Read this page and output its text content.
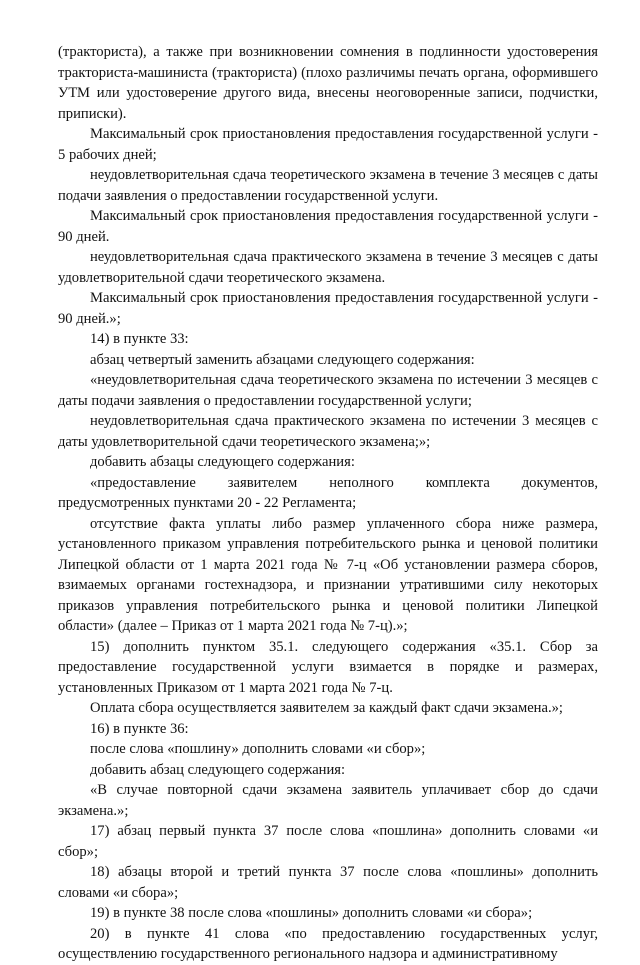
(тракториста), а также при возникновении сомнения в подлинности удостоверения тракториста-машиниста (тракториста) (плохо различимы печать органа, оформившего УТМ или удостоверение другого вида, внесены неоговоренные записи, подчистки, приписки).

Максимальный срок приостановления предоставления государственной услуги - 5 рабочих дней;

неудовлетворительная сдача теоретического экзамена в течение 3 месяцев с даты подачи заявления о предоставлении государственной услуги.

Максимальный срок приостановления предоставления государственной услуги - 90 дней.

неудовлетворительная сдача практического экзамена в течение 3 месяцев с даты удовлетворительной сдачи теоретического экзамена.

Максимальный срок приостановления предоставления государственной услуги - 90 дней.»;

14) в пункте 33:

абзац четвертый заменить абзацами следующего содержания:

«неудовлетворительная сдача теоретического экзамена по истечении 3 месяцев с даты подачи заявления о предоставлении государственной услуги;

неудовлетворительная сдача практического экзамена по истечении 3 месяцев с даты удовлетворительной сдачи теоретического экзамена;»;

добавить абзацы следующего содержания:

«предоставление заявителем неполного комплекта документов, предусмотренных пунктами 20 - 22 Регламента;

отсутствие факта уплаты либо размер уплаченного сбора ниже размера, установленного приказом управления потребительского рынка и ценовой политики Липецкой области от 1 марта 2021 года № 7-ц «Об установлении размера сборов, взимаемых органами гостехнадзора, и признании утратившими силу некоторых приказов управления потребительского рынка и ценовой политики Липецкой области» (далее – Приказ от 1 марта 2021 года № 7-ц).»;

15) дополнить пунктом 35.1. следующего содержания «35.1. Сбор за предоставление государственной услуги взимается в порядке и размерах, установленных Приказом от 1 марта 2021 года № 7-ц.

Оплата сбора осуществляется заявителем за каждый факт сдачи экзамена.»;

16) в пункте 36:

после слова «пошлину» дополнить словами «и сбор»;

добавить абзац следующего содержания:

«В случае повторной сдачи экзамена заявитель уплачивает сбор до сдачи экзамена.»;

17) абзац первый пункта 37 после слова «пошлина» дополнить словами «и сбор»;

18) абзацы второй и третий пункта 37 после слова «пошлины» дополнить словами «и сбора»;

19) в пункте 38 после слова «пошлины» дополнить словами «и сбора»;

20) в пункте 41 слова «по предоставлению государственных услуг, осуществлению государственного регионального надзора и административному
